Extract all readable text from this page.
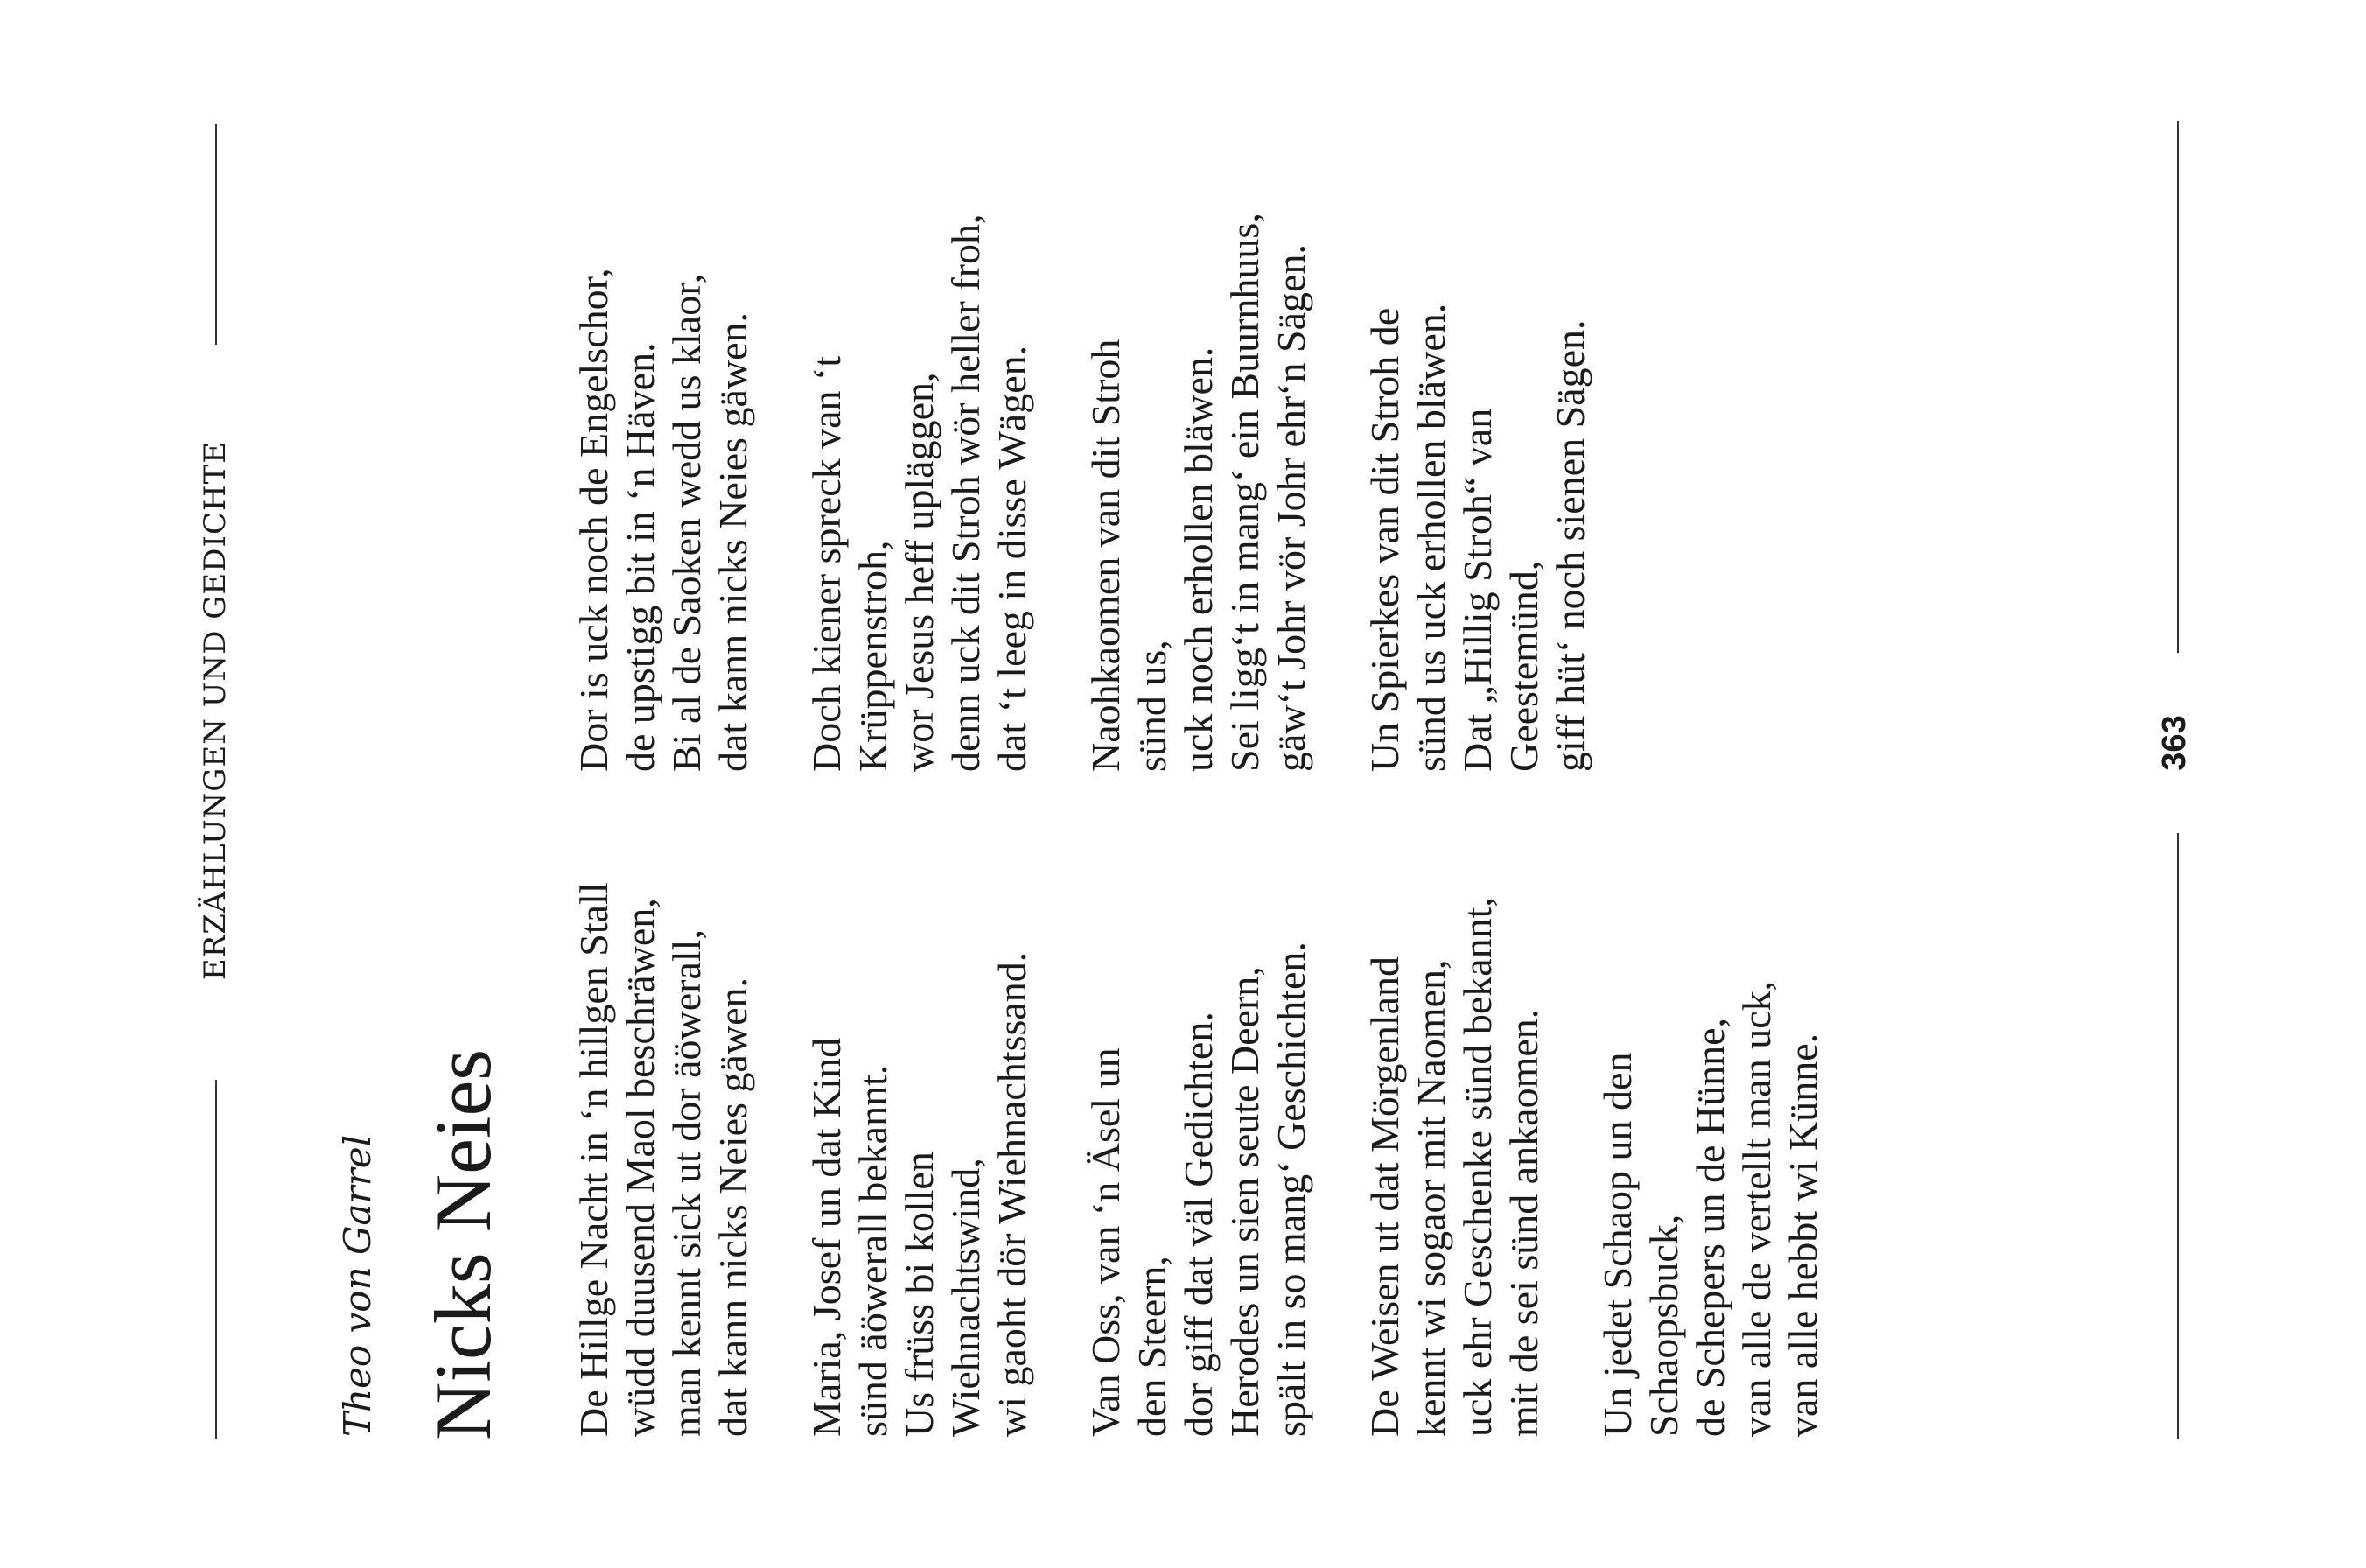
ERZÄHLUNGEN UND GEDICHTE
Theo von Garrel Nicks Neies De Hillge Nacht in ‘n hillgen Stall wüdd duusend Maol beschräwen, man kennt sick ut dor äöwerall, dat kann nicks Neies gäwen. Maria, Josef un dat Kind sünd äöwerall bekannt. Us früss bi kollen Wiehnachtswind, wi gaoht dör Wiehnachtssand. Van Oss, van ‘n Äsel un den Steern, dor giff dat väl Gedichten. Herodes un sien seute Deern, spält in so mang‘ Geschichten. De Weisen ut dat Mörgenland kennt wi sogaor mit Naomen, uck ehr Geschenke sünd bekannt, mit de sei sünd ankaomen. Un jedet Schaop un den Schaopsbuck, de Schepers un de Hünne, van alle de vertellt man uck, van alle hebbt wi Künne.
Dor is uck noch de Engelschor, de upstigg bit in ‘n Häven. Bi al de Saoken wedd us klaor, dat kann nicks Neies gäwen. Doch kiener spreck van ‘t Krüppenstroh, wor Jesus heff upläggen, denn uck dit Stroh wör heller froh, dat ‘t leeg in disse Wägen. Naohkaomen van dit Stroh sünd us, uck noch erhollen bläwen. Sei ligg‘t in mang‘ ein Buurnhuus, gäw‘t Johr vör Johr ehr‘n Sägen. Un Spierkes van dit Stroh de sünd us uck erhollen bläwen. Dat „Hillig Stroh“ van Geestemünd, giff hüt‘ noch sienen Sägen.	363
